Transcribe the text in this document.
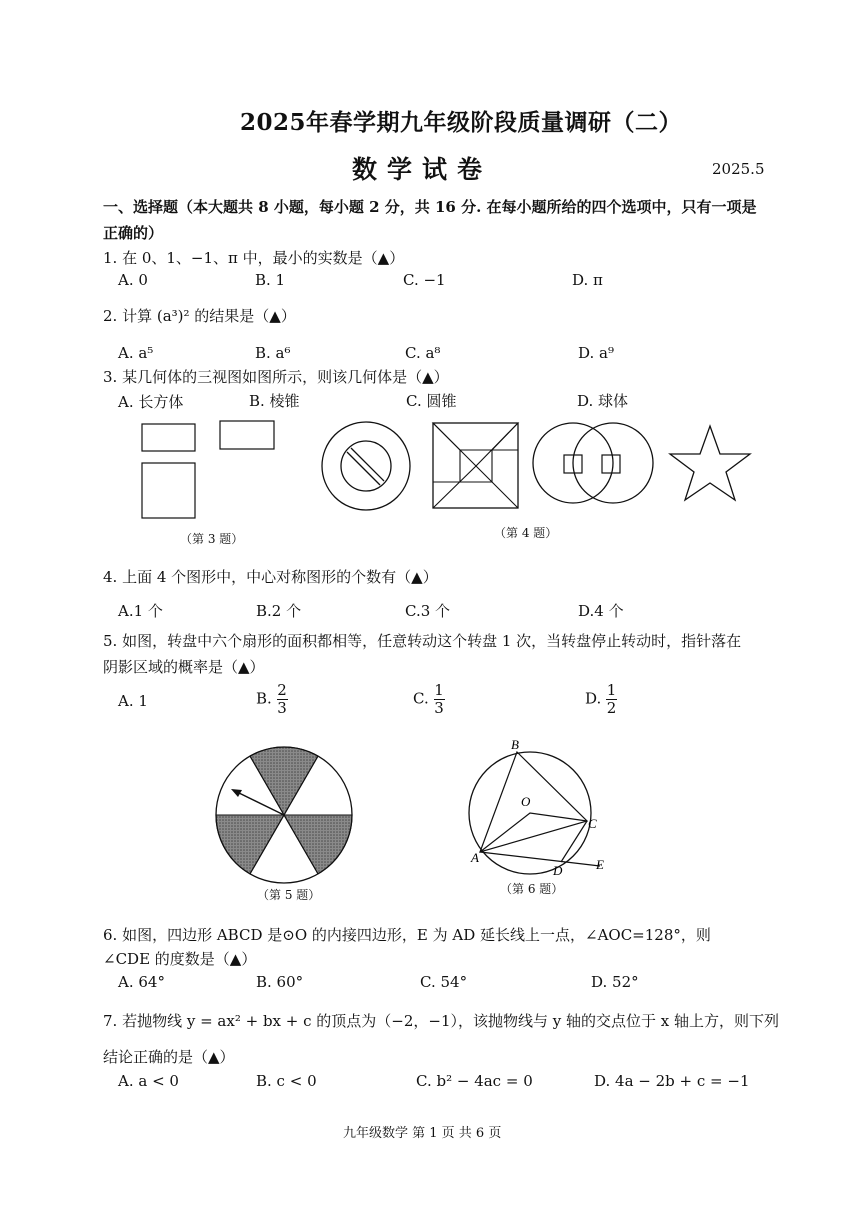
2025年春学期九年级阶段质量调研（二）
数学试卷	2025.5
一、选择题（本大题共 8 小题，每小题 2 分，共 16 分. 在每小题所给的四个选项中，只有一项是
正确的）
1. 在 0、1、−1、π 中，最小的实数是（▲）
A. 0	B. 1	C. −1	D. π
2. 计算 (a³)² 的结果是（▲）
A. a⁵	B. a⁶	C. a⁸	D. a⁹
3. 某几何体的三视图如图所示，则该几何体是（▲）
A. 长方体	B. 棱锥	C. 圆锥	D. 球体
（第 3 题）	（第 4 题）
4. 上面 4 个图形中，中心对称图形的个数有（▲）
A.1 个	B.2 个	C.3 个	D.4 个
5. 如图，转盘中六个扇形的面积都相等，任意转动这个转盘 1 次，当转盘停止转动时，指针落在
阴影区域的概率是（▲）
A. 1	B. $\frac{2}{3}$	C. $\frac{1}{3}$	D. $\frac{1}{2}$
（第 5 题）
B
O
C
A
D	E
（第 6 题）
6. 如图，四边形 ABCD 是⊙O 的内接四边形，E 为 AD 延长线上一点，∠AOC=128°，则
∠CDE 的度数是（▲）
A. 64°	B. 60°	C. 54°	D. 52°
7. 若抛物线 y = ax² + bx + c 的顶点为（−2，−1），该抛物线与 y 轴的交点位于 x 轴上方，则下列
结论正确的是（▲）
A. a < 0	B. c < 0	C. b² − 4ac = 0	D. 4a − 2b + c = −1
九年级数学 第 1 页 共 6 页
